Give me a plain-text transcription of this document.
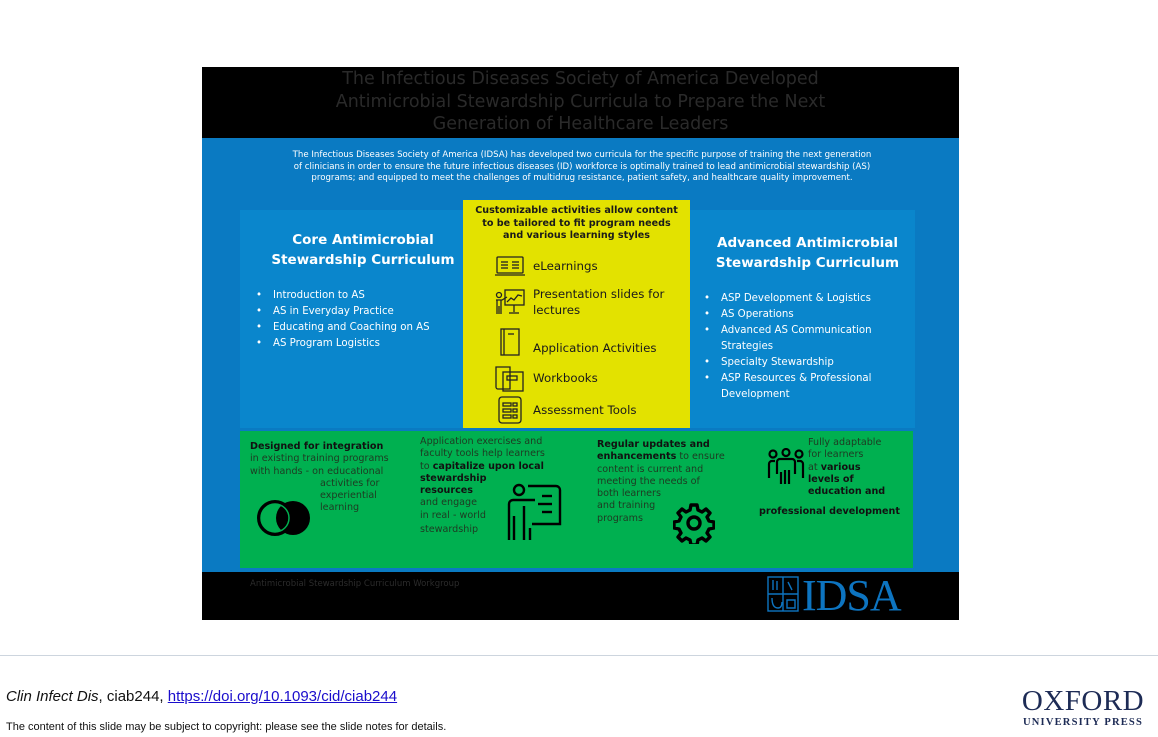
The Infectious Diseases Society of America Developed
Antimicrobial Stewardship Curricula to Prepare the Next
Generation of Healthcare Leaders
The Infectious Diseases Society of America (IDSA) has developed two curricula for the specific purpose of training the next generation
of clinicians in order to ensure the future infectious diseases (ID) workforce is optimally trained to lead antimicrobial stewardship (AS)
programs; and equipped to meet the challenges of multidrug resistance, patient safety, and healthcare quality improvement.
Core Antimicrobial
Stewardship Curriculum
• Introduction to AS
• AS in Everyday Practice
• Educating and Coaching on AS
• AS Program Logistics
Customizable activities allow content
to be tailored to fit program needs
and various learning styles
eLearnings
Presentation slides for
lectures
Application Activities
Workbooks
Assessment Tools
Advanced Antimicrobial
Stewardship Curriculum
• ASP Development & Logistics
• AS Operations
• Advanced AS Communication
Strategies
• Specialty Stewardship
• ASP Resources & Professional
Development
Designed for integration
in existing training programs
with hands - on educational
activities for
experiential
learning
Application exercises and
faculty tools help learners
to capitalize upon local
stewardship
resources
and engage
in real - world
stewardship
Regular updates and
enhancements to ensure
content is current and
meeting the needs of
both learners
and training
programs
Fully adaptable
for learners
at various
levels of
education and
professional development
Antimicrobial Stewardship Curriculum Workgroup	IDSA
Clin Infect Dis, ciab244, https://doi.org/10.1093/cid/ciab244
The content of this slide may be subject to copyright: please see the slide notes for details.
OXFORD
UNIVERSITY PRESS
